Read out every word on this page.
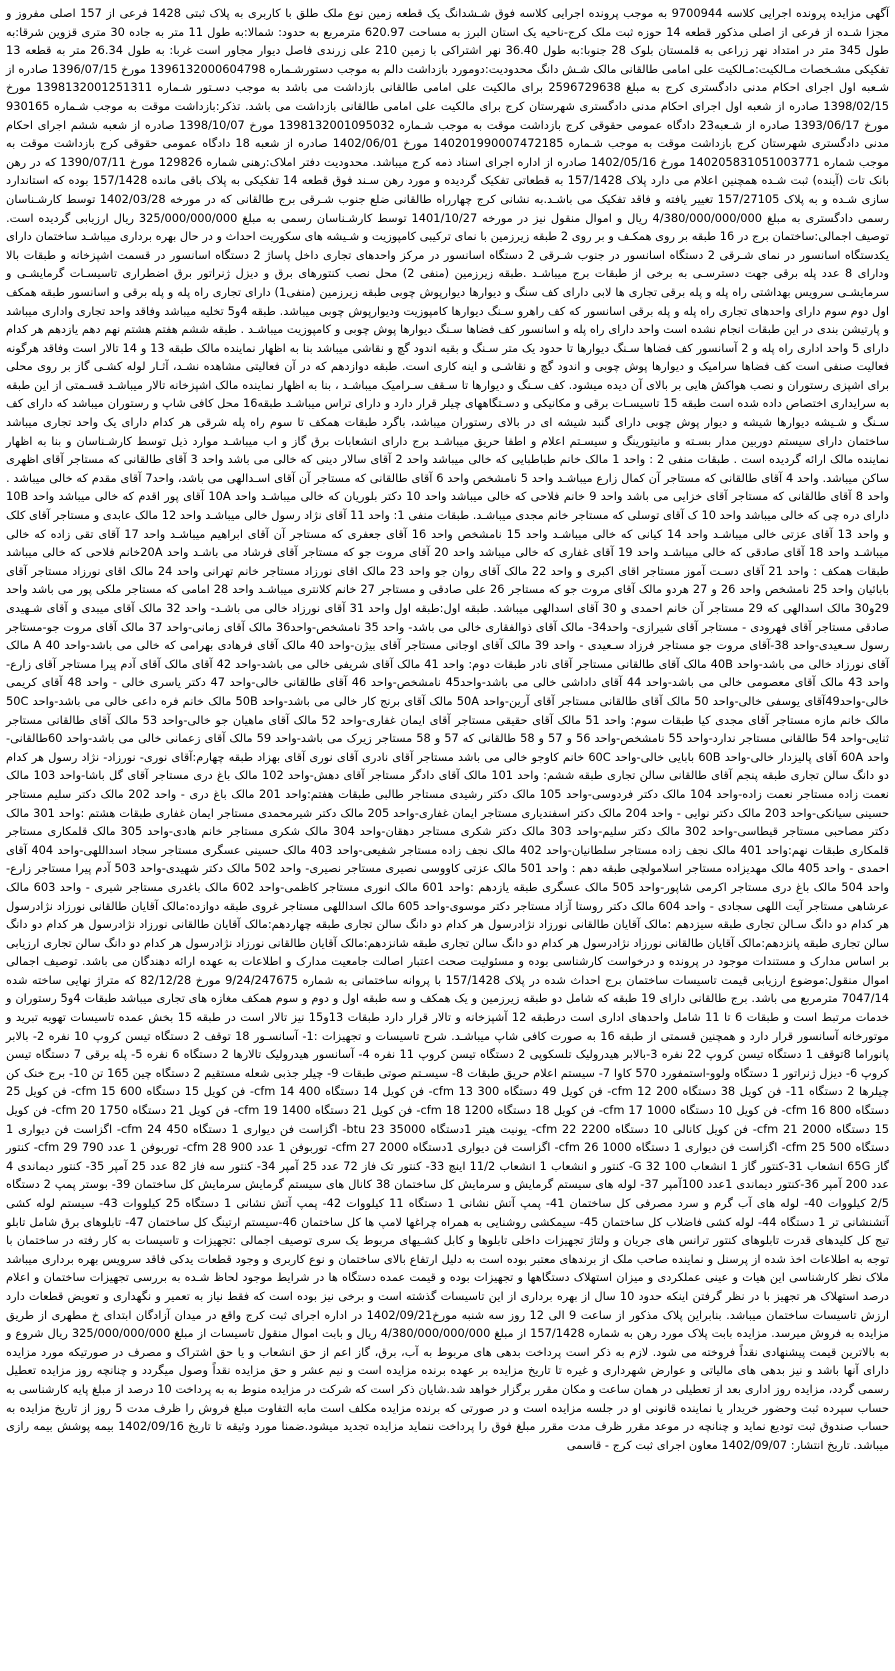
آگهی مزایده پرونده اجرایی کلاسه 9700944 به موجب پرونده اجرایی کلاسه فوق شـشدانگ یک قطعه زمین نوع ملک طلق با کاربری به پلاک ثبتی 1428 فرعی از 157 اصلی مفروز و مجزا شـده از فرعی از اصلی مذکور قطعه 14 حوزه ثبت ملک کرج-ناحیه یک استان البرز به مساحت 620.97 مترمربع به حدود: شمالا:به طول 11 متر به جاده 30 متری قزوین شرقا:به طول 345 متر در امتداد نهر زراعی به قلمستان بلوک 28 جنوبا:به طول 36.40 نهر اشتراکی با زمین 210 علی زرندی فاصل دیوار مجاور است غربا: به طول 26.34 متر به قطعه 13 تفکیکی مشـخصات مـالکیت:مـالکیت علی امامی طالقانی مالک شـش دانگ محدودیت:دومورد بازداشت دالم به موجب دستورشـماره 1396132000604798 مورخ 1396/07/15 صادره از شـعبه اول اجرای احکام مدنی دادگستری کرج به مبلغ 2596729638 برای مالکیت علی امامی طالقانی بازداشت می باشد به موجب دسـتور شـماره 1398132001251311 مورخ 1398/02/15 صادره از شعبه اول اجرای احکام مدنی دادگستری شهرستان کرج برای مالکیت علی امامی طالقانی بازداشت می باشد. تذکر:بازداشت موقت به موجب شـماره 930165 مورخ 1393/06/17 صادره از شـعبه23 دادگاه عمومی حقوقی کرج بازداشت موقت به موجب شـماره 1398132001095032 مورخ 1398/10/07 صادره از شعبه ششم اجرای احکام مدنی دادگستری شهرستان کرج بازداشت موقت به موجب شـماره 140201990007472185 مورخ 1402/06/01 صادره از شعبه 18 دادگاه عمومی حقوقی کرج بازداشت موقت به موجب شماره 140205831051003771 مورخ 1402/05/16 صادره از اداره اجرای اسناد ذمه کرج میباشد. محدودیت دفتر املاک:رهنی شماره 129826 مورخ 1390/07/11 که در رهن بانک تات (آینده) ثبت شـده همچنین اعلام می دارد پلاک 157/1428 به قطعاتی تفکیک گردیده و مورد رهن سـند فوق قطعه 14 تفکیکی به پلاک باقی مانده 157/1428 بوده که استاندارد سازی شـده و به پلاک 157/27105 تغییر یافته و فاقد تفکیک می باشـد.به نشانی کرج چهارراه طالقانی ضلع جنوب شـرقی برج طالقانی که در مورخه 1402/03/28 توسط کارشـناسان رسمی دادگستری به مبلغ 4/380/000/000/000 ریال و اموال منقول نیز در مورخه 1401/10/27 توسط کارشـناسان رسمی به مبلغ 325/000/000/000 ریال ارزیابی گردیده است. توصیف اجمالی:ساختمان برج در 16 طبقه بر روی همکـف و بر روی 2 طبقه زیرزمین با نمای ترکیبی کامپوزیت و شـیشه های سکوریت احداث و در حال بهره برداری میباشـد ساختمان دارای یکدستگاه اسانسور در نمای شـرقی 2 دستگاه اسانسور در جنوب شـرقی 2 دستگاه اسانسور در مرکز واحدهای تجاری داخل پاساژ 2 دستگاه اسانسور در قسمت اشپزخانه و طبقات بالا ودارای 8 عدد پله برقی جهت دسترسـی به برخی از طبقات برج میباشـد .طبقه زیرزمین (منفی 2) محل نصب کنتورهای برق و دیزل ژنراتور برق اضطراری تاسیسـات گرمایشـی و سرمایشـی سرویس بهداشتی راه پله و پله برقی تجاری ها لابی دارای کف سنگ و دیوارها دیوارپوش چوبی طبقه زیرزمین (منفی1) دارای تجاری راه پله و پله برقی و اسانسور طبقه همکف اول دوم سوم دارای واحدهای تجاری راه پله و پله برقی اسانسور که کف راهرو سـنگ دیوارها کامپوزیت ودیوارپوش چوبی میباشد. طبقه 4و5 تخلیه میباشد وفاقد واحد تجاری واداری میباشد و پارتیشن بندی در این طبقات انجام نشده است واحد دارای راه پله و اسانسور کف فضاها سـنگ دیوارها پوش چوبی و کامپوزیت میباشـد . طبقه ششم هفتم هشتم نهم دهم یازدهم هر کدام دارای 5 واحد اداری راه پله و 2 آسانسور کف فضاها سـنگ دیوارها تا حدود یک متر سـنگ و بقیه اندود گچ و نقاشی میباشد بنا به اظهار نماینده مالک طبقه 13 و 14 تالار است وفاقد هرگونه فعالیت صنفی است کف فضاها سرامیک و دیوارها پوش چوبی و اندود گچ و نقاشـی و اینه کاری است. طبقه دوازدهم که در آن فعالیتی مشاهده نشـد، آثـار لوله کشـی گاز بر روی محلی برای اشپزی رستوران و نصب هواکش هایی بر بالای آن دیده میشود. کف سـنگ و دیوارها تا سـقف سـرامیک میباشـد ، بنا به اظهار نماینده مالک اشپزخانه تالار میباشـد قسـمتی از این طبقه به سرایداری اختصاص داده شده است طبقه 15 تاسیسـات برقی و مکانیکی و دسـتگاههای چیلر قرار دارد و دارای تراس میباشـد طبقه16 محل کافی شاپ و رستوران میباشد که دارای کف سـنگ و شـیشه دیوارها شیشه و دیوار پوش چوبی دارای گنبد شیشه ای در بالای رستوران میباشد، باگرد طبقات همکف تا سوم راه پله شرقی هر کدام دارای یک واحد تجاری میباشد ساختمان دارای سیستم دوربین مدار بسـته و مانیتورینگ و سیسـتم اعلام و اطفا حریق میباشـد برج دارای انشعابات برق گاز و اب میباشـد موارد ذیل توسط کارشـناسان و بنا به اظهار نماینده مالک ارائه گردیده است . طبقات منفی 2 : واحد 1 مالک خانم طباطبایی که خالی میباشد واحد 2 آقای سالار دینی که خالی می باشد واحد 3 آقای طالقانی که مستاجر آقای اظهری ساکن میباشد. واحد 4 آقای طالقانی که مستاجر آن کمال زارع میباشـد واحد 5 نامشخص واحد 6 آقای طالقانی که مستاجر آن آقای اسـدالهی می باشد، واحد7 آقای مقدم که خالی میباشد . واحد 8 آقای طالقانی که مستاجر آقای خزایی می باشد واحد 9 خانم فلاحی که خالی میباشد واحد 10 دکتر بلوریان که خالی میباشـد واحد 10A آقای پور اقدم که خالی میباشد واحد 10B دارای دره چی که خالی میباشد واحد 10 ک آقای توسلی که مستاجر خانم مجدی میباشـد. طبقات منفی 1: واحد 11 آقای نژاد رسول خالی میباشـد واحد 12 مالک عابدی و مستاجر آقای کلک و واحد 13 آقای عزتی خالی میباشـد واحد 14 کیانی که خالی میباشـد واحد 15 نامشخص واحد 16 آقای جعفری که مستاجر آن آقای ابراهیم میباشـد واحد 17 آقای تقی زاده که خالی میباشـد واحد 18 آقای صادقی که خالی میباشـد واحد 19 آقای غفاری که خالی میباشد واحد 20 آقای مروت جو که مستاجر آقای فرشاد می باشـد واحد 20Aخانم فلاحی که خالی میباشد طبقات همکف : واحد 21 آقای دسـت آموز مستاجر اقای اکبری و واحد 22 مالک آقای روان جو واحد 23 مالک اقای نورزاد مستاجر خانم تهرانی واحد 24 مالک اقای نورزاد مستاجر آقای بابائیان واحد 25 نامشخص واحد 26 و 27 هردو مالک آقای مروت جو که مستاجر 26 علی صادقی و مستاجر 27 خانم کلانتری میباشـد واحد 28 امامی که مستاجر ملکی پور می باشد واحد 29و30 مالک اسدالهی که 29 مستاجر آن خانم احمدی و 30 آقای اسدالهی میباشد. طبقه اول:طبقه اول واحد 31 آقای نورزاد خالی می باشـد- واحد 32 مالک آقای میبدی و آقای شـهیدی صادقی مستاجر آقای فهرودی - مستاجر آقای شیرازی- واحد34- مالک آقای ذوالفقاری خالی می باشد- واحد 35 نامشخص-واحد36 مالک آقای زمانی-واحد 37 مالک آقای مروت جو-مستاجر رسول سـعیدی-واحد 38-آقای مروت جو مستاجر فرزاد سـعیدی - واحد 39 مالک آقای اوجانی مستاجر آقای بیژن-واحد 40 مالک آقای فرهادی بهرامی که خالی می باشد-واحد 40 A مالک آقای نورزاد خالی می باشد-واحد 40B مالک آقای طالقانی مستاجر آقای نادر طبقات دوم: واحد 41 مالک آقای شریفی خالی می باشد-واحد 42 آقای مالک آقای آدم پیرا مستاجر آقای زارع-واحد 43 مالک آقای معصومی خالی می باشد-واحد 44 آقای داداشی خالی می باشد-واحد45 نامشخص-واحد 46 آقای طالقانی خالی-واحد 47 دکتر یاسری خالی - واحد 48 آقای کریمی خالی-واحد49آقای یوسفی خالی-واحد 50 مالک آقای طالقانی مستاجر آقای آرین-واحد 50A مالک آقای برنج کار خالی می باشد-واحد 50B مالک خانم فره داعی خالی می باشد-واحد 50C مالک خانم مازه مستاجر آقای مجدی کیا طبقات سوم: واحد 51 مالک آقای حقیقی مستاجر آقای ایمان غفاری-واحد 52 مالک آقای ماهیان جو خالی-واحد 53 مالک آقای طالقانی مستاجر ثنایی-واحد 54 طالقانی مستاجر ندارد-واحد 55 نامشخص-واحد 56 و 57 و 58 طالقانی که 57 و 58 مستاجر زیرک می باشد-واحد 59 مالک آقای زعمانی خالی می باشد-واحد 60طالقانی-واحد 60A آقای پالیزدار خالی-واحد 60B بابایی خالی-واحد 60C خانم کاوجو خالی می باشد مستاجر آقای نادری آقای نوری آقای بهزاد طبقه چهارم:آقای نوری- نورزاد- نژاد رسول هر کدام دو دانگ سالن تجاری طبقه پنجم آقای طالقانی سالن تجاری طبقه ششم: واحد 101 مالک آقای دادگر مستاجر آقای دهش-واحد 102 مالک باغ دری مستاجر آقای گل باشا-واحد 103 مالک نعمت زاده مستاجر نعمت زاده-واحد 104 مالک دکتر فردوسی-واحد 105 مالک دکتر رشیدی مستاجر طالبی طبقات هفتم:واحد 201 مالک باغ دری - واحد 202 مالک دکتر سلیم مستاجر حسینی سیانکی-واحد 203 مالک دکتر نوایی - واحد 204 مالک دکتر اسفندیاری مستاجر ایمان غفاری-واحد 205 مالک دکتر شیرمحمدی مستاجر ایمان غفاری طبقات هشتم :واحد 301 مالک دکتر مصاحبی مستاجر قیطاسی-واحد 302 مالک دکتر سلیم-واحد 303 مالک دکتر شکری مستاجر دهقان-واحد 304 مالک شکری مستاجر خانم هادی-واحد 305 مالک قلمکاری مستاجر قلمکاری طبقات نهم:واحد 401 مالک نجف زاده مستاجر سلطانیان-واحد 402 مالک نجف زاده مستاجر شفیعی-واحد 403 مالک حسینی عسگری مستاجر سجاد اسداللهی-واحد 404 آقای احمدی - واحد 405 مالک مهدیزاده مستاجر اسلامولچی طبقه دهم : واحد 501 مالک عزتی کاووسی نصیری مستاجر نصیری- واحد 502 مالک دکتر شهیدی-واحد 503 آدم پیرا مستاجر زارع-واحد 504 مالک باغ دری مستاجر اکرمی شاپور-واحد 505 مالک عسگری طبقه یازدهم :واحد 601 مالک انوری مستاجر کاظمی-واحد 602 مالک باغدری مستاجر شیری - واحد 603 مالک عرشاهی مستاجر آیت اللهی سجادی - واحد 604 مالک دکتر روستا آزاد مستاجر دکتر موسوی-واحد 605 مالک اسداللهی مستاجر غروی طبقه دوازده:مالک آقایان طالقانی نورزاد نژادرسول هر کدام دو دانگ سـالن تجاری طبقه سیزدهم :مالک آقایان طالقانی نورزاد نژادرسول هر کدام دو دانگ سالن تجاری طبقه چهاردهم:مالک آقایان طالقانی نورزاد نژادرسول هر کدام دو دانگ سالن تجاری طبقه پانزدهم:مالک آقایان طالقانی نورزاد نژادرسول هر کدام دو دانگ سالن تجاری طبقه شانزدهم:مالک آقایان طالقانی نورزاد نژادرسول هر کدام دو دانگ سالن تجاری ارزیابی بر اساس مدارک و مستندات موجود در پرونده و درخواست کارشناسی بوده و مسئولیت صحت اعتبار اصالت جامعیت مدارک و اطلاعات به عهده ارائه دهندگان می باشد. توصیف اجمالی اموال منقول:موضوع ارزیابی قیمت تاسیسات ساختمان برج احداث شده در پلاک 157/1428 با پروانه ساختمانی به شماره 9/24/247675 مورخ 82/12/28 که متراژ نهایی ساخته شده 7047/14 مترمربع می باشد. برج طالقانی دارای 19 طبقه که شامل دو طبقه زیرزمین و یک همکف و سه طبقه اول و دوم و سوم همکف مغازه های تجاری میباشد طبقات 4و5 رستوران و خدمات مرتبط است و طبقات 6 تا 11 شامل واحدهای اداری است درطبقه 12 آشپزخانه و تالار قرار دارد طبقات 13و15 نیز تالار است در طبقه 15 بخش عمده تاسیسات تهویه تبرید و موتورخانه آسانسور قرار دارد و همچنین قسمتی از طبقه 16 به صورت کافی شاپ میباشـد. شرح تاسیسات و تجهیزات :1- آسانسـور 18 توقف 2 دستگاه تیسن کروپ 10 نفره 2- بالابر پانوراما 8توقف 1 دستگاه تیسن کروپ 22 نفره 3-بالابر هیدرولیک تلسکوپی 2 دستگاه تیسن کروپ 11 نفره 4- آسانسور هیدرولیک تالارها 2 دستگاه 6 نفره 5- پله برقی 7 دستگاه تیسن کروپ 6- دیزل ژنراتور 1 دستگاه ولوو-استمفورد 570 کاوا 7- سیستم اعلام حریق طبقات 8- سیسـتم صوتی طبقات 9- چیلر جذبی شعله مستقیم 2 دستگاه چین 165 تن 10- برج خنک کن چیلرها 2 دستگاه 11- فن کویل 38 دستگاه 200 cfm 12- فن کویل 49 دستگاه 300 cfm 13- فن کویل 14 دستگاه 400 cfm 14- فن کویل 15 دستگاه 600 cfm 15- فن کویل 25 دستگاه 800 cfm 16- فن کویل 10 دستگاه 1000 cfm 17- فن کویل 18 دستگاه 1200 cfm 18- فن کویل 21 دستگاه 1400 cfm 19- فن کویل 21 دستگاه 1750 cfm 20- فن کویل 15 دستگاه 2000 cfm 21- فن کویل کانالی 10 دستگاه 2200 cfm 22- یونیت هیتر 1دستگاه 35000 btu 23- اگزاست فن دیواری 1 دستگاه 450 cfm 24- اگزاست فن دیواری 1 دستگاه 500 cfm 25- اگزاست فن دیواری 1 دستگاه 1000 cfm 26- اگزاست فن دیواری 1دستگاه 2000 cfm 27- توربوفن 1 عدد 900 cfm 28- توربوفن 1 عدد 790 cfm 29- کنتور گاز 65G انشعاب 31-کنتور گاز 1 انشعاب 100 G 32- کنتور و انشعاب 1 انشعاب 11/2 اینچ 33- کنتور تک فاز 72 عدد 25 آمپر 34- کنتور سه فاز 82 عدد 25 آمپر 35- کنتور دیماندی 4 عدد 200 آمپر 36-کنتور دیماندی 1عدد 100آمپر 37- لوله های سیستم گرمایش و سرمایش کل ساختمان 38 کانال های سیستم گرمایش سرمایش کل ساختمان 39- بوستر پمپ 2 دستگاه 2/5 کیلووات 40- لوله های آب گرم و سرد مصرفی کل ساختمان 41- پمپ آتش نشانی 1 دستگاه 11 کیلووات 42- پمپ آتش نشانی 1 دستگاه 25 کیلووات 43- سیستم لوله کشی آتشنشانی تر 1 دستگاه 44- لوله کشی فاضلاب کل ساختمان 45- سیمکشی روشنایی به همراه چراغها لامپ ها کل ساختمان 46-سیستم ارتینگ کل ساختمان 47- تابلوهای برق شامل تابلو تیج کل کلیدهای قدرت تابلوهای کنتور ترانس های جریان و ولتاژ تجهیزات داخلی تابلوها و کابل کشـیهای مربوط یک سری توصیف اجمالی :تجهیزات و تاسیسات به کار رفته در ساختمان با توجه به اطلاعات اخذ شده از پرسنل و نماینده صاحب ملک از برندهای معتبر بوده است به دلیل ارتفاع بالای ساختمان و نوع کاربری و وجود قطعات یدکی فاقد سرویس بهره برداری میباشد ملاک نظر کارشناسی این هیات و عینی عملکردی و میزان استهلاک دستگاهها و تجهیزات بوده و قیمت عمده دستگاه ها در شرایط موجود لحاظ شـده به بررسی تجهیزات ساختمان و اعلام درصد استهلاک هر تجهیز با در نظر گرفتن اینکه حدود 10 سال از بهره برداری از این تاسیسات گذشته است و برخی نیز بوده است که فقط نیاز به تعمیر و نگهداری و تعویض قطعات دارد ارزش تاسیسات ساختمان میباشد. بنابراین پلاک مذکور از ساعت 9 الی 12 روز سه شنبه مورخ1402/09/21 در اداره اجرای ثبت کرج واقع در میدان آزادگان ابتدای خ مطهری از طریق مزایده به فروش میرسد. مزایده بابت پلاک مورد رهن به شماره 157/1428 از مبلغ 4/380/000/000/000 ریال و بابت اموال منقول تاسیسات از مبلغ 325/000/000/000 ریال شروع و به بالاترین قیمت پیشنهادی نقداً فروخته می شود. لازم به ذکر است پرداخت بدهی های مربوط به آب، برق، گاز اعم از حق انشعاب و یا حق اشتراک و مصرف در صورتیکه مورد مزایده دارای آنها باشد و نیز بدهی های مالیاتی و عوارض شهرداری و غیره تا تاریخ مزایده بر عهده برنده مزایده است و نیم عشر و حق مزایده نقداً وصول میگردد و چنانچه روز مزایده تعطیل رسمی گردد، مزایده روز اداری بعد از تعطیلی در همان ساعت و مکان مقرر برگزار خواهد شد.شایان ذکر است که شرکت در مزایده منوط به به پرداخت 10 درصد از مبلغ پایه کارشناسی به حساب سپرده ثبت وحضور خریدار یا نماینده قانونی او در جلسه مزایده است و در صورتی که برنده مزایده مکلف است مابه التفاوت مبلغ فروش را ظرف مدت 5 روز از تاریخ مزایده به حساب صندوق ثبت تودیع نماید و چنانچه در موعد مقرر ظرف مدت مقرر مبلغ فوق را پرداخت ننماید مزایده تجدید میشود.ضمنا مورد وثیقه تا تاریخ 1402/09/16 بیمه پوشش بیمه رازی میباشد. تاریخ انتشار: 1402/09/07 معاون اجرای ثبت کرج - قاسمی
